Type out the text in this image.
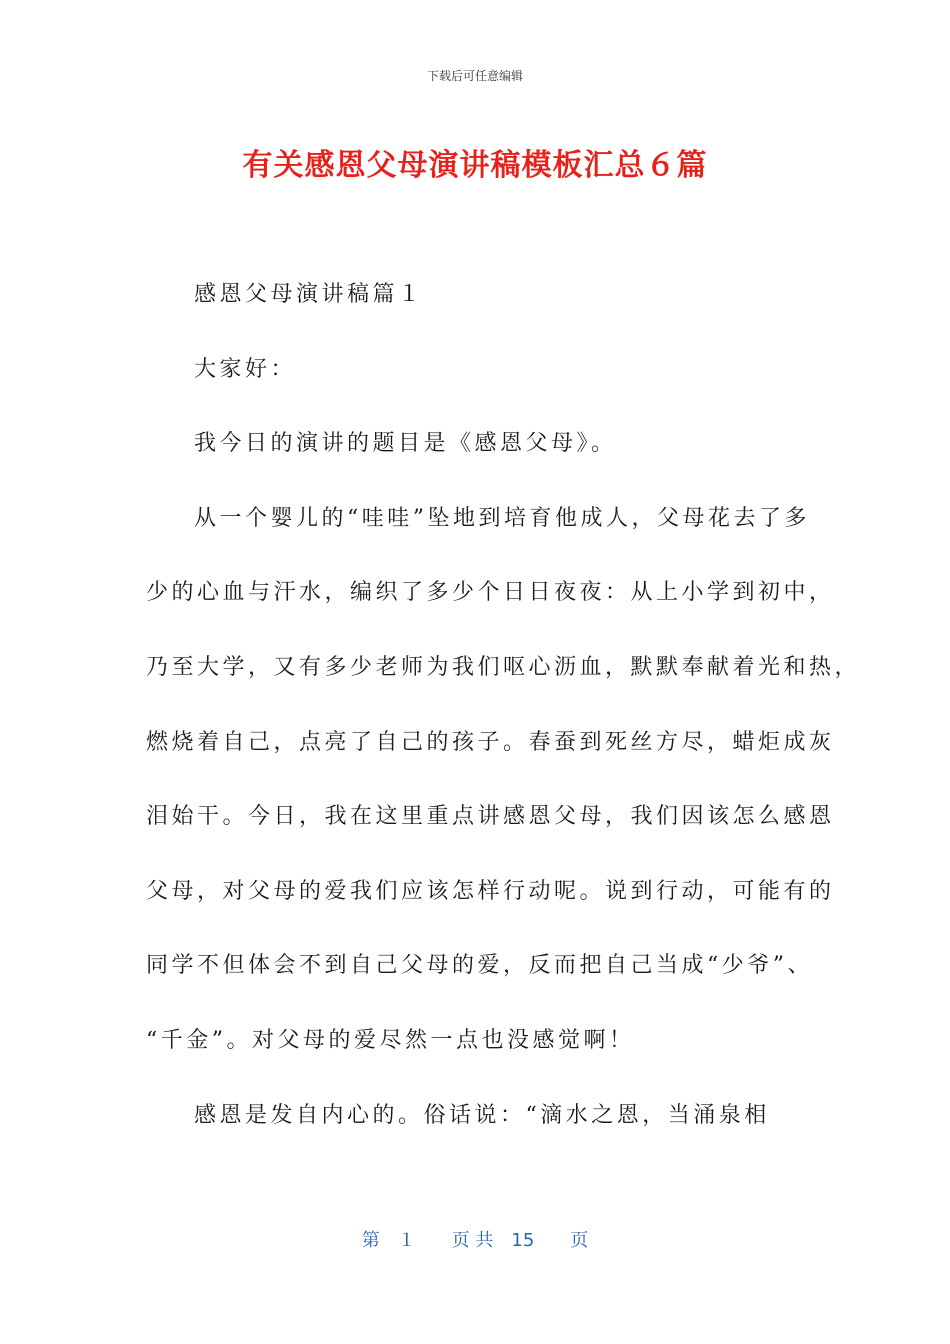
下载后可任意编辑
有关感恩父母演讲稿模板汇总６篇
感恩父母演讲稿篇１
大家好：
我今日的演讲的题目是《感恩父母》。
从一个婴儿的“哇哇”坠地到培育他成人，父母花去了多
少的心血与汗水，编织了多少个日日夜夜：从上小学到初中，
乃至大学，又有多少老师为我们呕心沥血，默默奉献着光和热，
燃烧着自己，点亮了自己的孩子。春蚕到死丝方尽，蜡炬成灰
泪始干。今日，我在这里重点讲感恩父母，我们因该怎么感恩
父母，对父母的爱我们应该怎样行动呢。说到行动，可能有的
同学不但体会不到自己父母的爱，反而把自己当成“少爷”、
“千金”。对父母的爱尽然一点也没感觉啊！
感恩是发自内心的。俗话说：“滴水之恩，当涌泉相
第　１　　页 共　15　　页
